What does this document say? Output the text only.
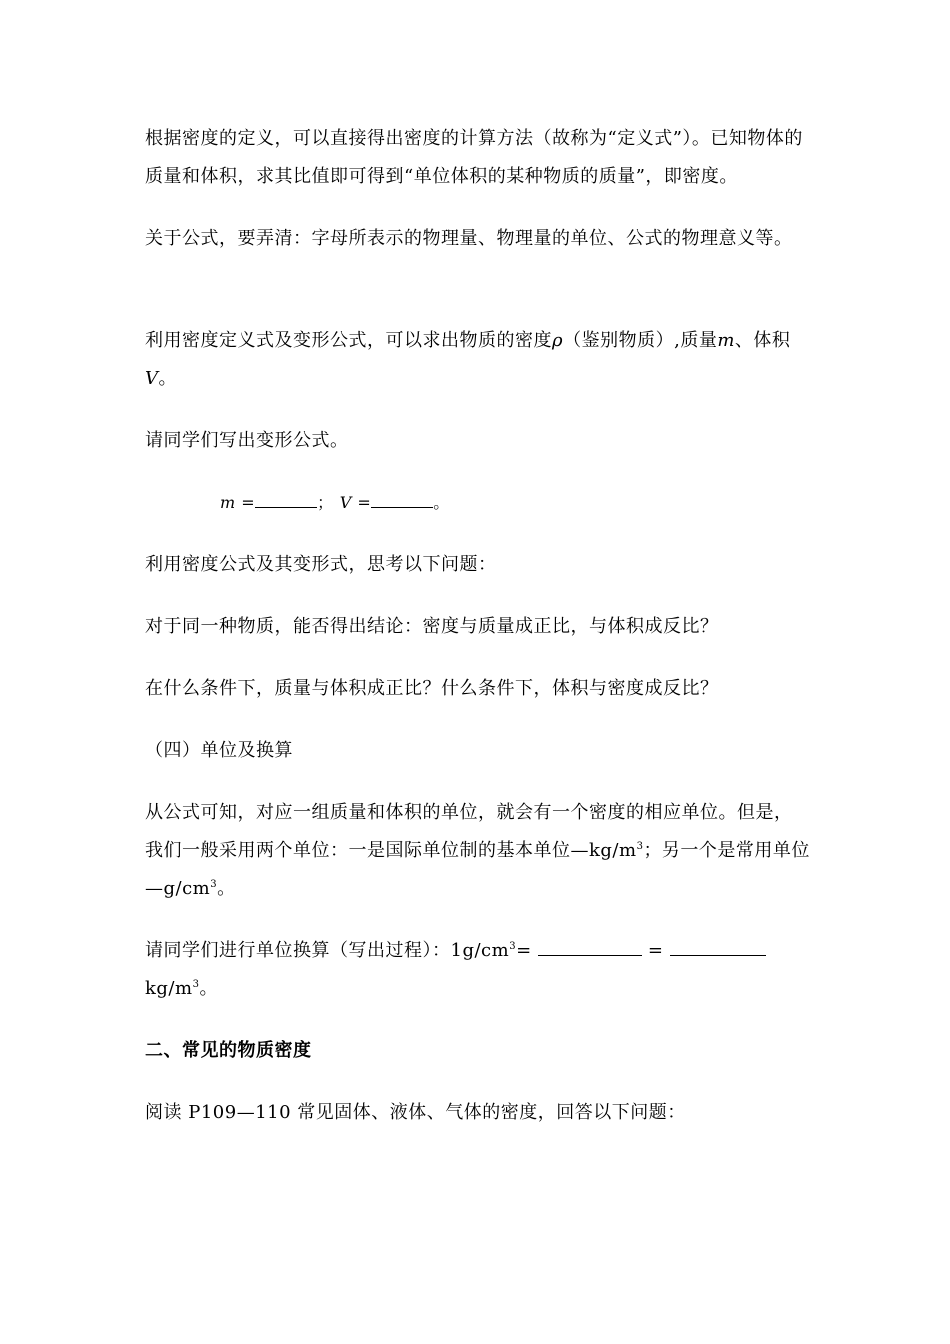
根据密度的定义，可以直接得出密度的计算方法（故称为“定义式”）。已知物体的质量和体积，求其比值即可得到“单位体积的某种物质的质量”，即密度。

关于公式，要弄清：字母所表示的物理量、物理量的单位、公式的物理意义等。

利用密度定义式及变形公式，可以求出物质的密度ρ（鉴别物质）,质量m、体积V。

请同学们写出变形公式。

m =	； V =	。

利用密度公式及其变形式，思考以下问题：

对于同一种物质，能否得出结论：密度与质量成正比，与体积成反比？

在什么条件下，质量与体积成正比？什么条件下，体积与密度成反比？

（四）单位及换算

从公式可知，对应一组质量和体积的单位，就会有一个密度的相应单位。但是，我们一般采用两个单位：一是国际单位制的基本单位$—kg/m^3$；另一个是常用单位$—g/cm^3$。

请同学们进行单位换算（写出过程）：$1g/cm^3=$	=
$kg/m^3$。

二、常见的物质密度

阅读 P109—110 常见固体、液体、气体的密度，回答以下问题：
